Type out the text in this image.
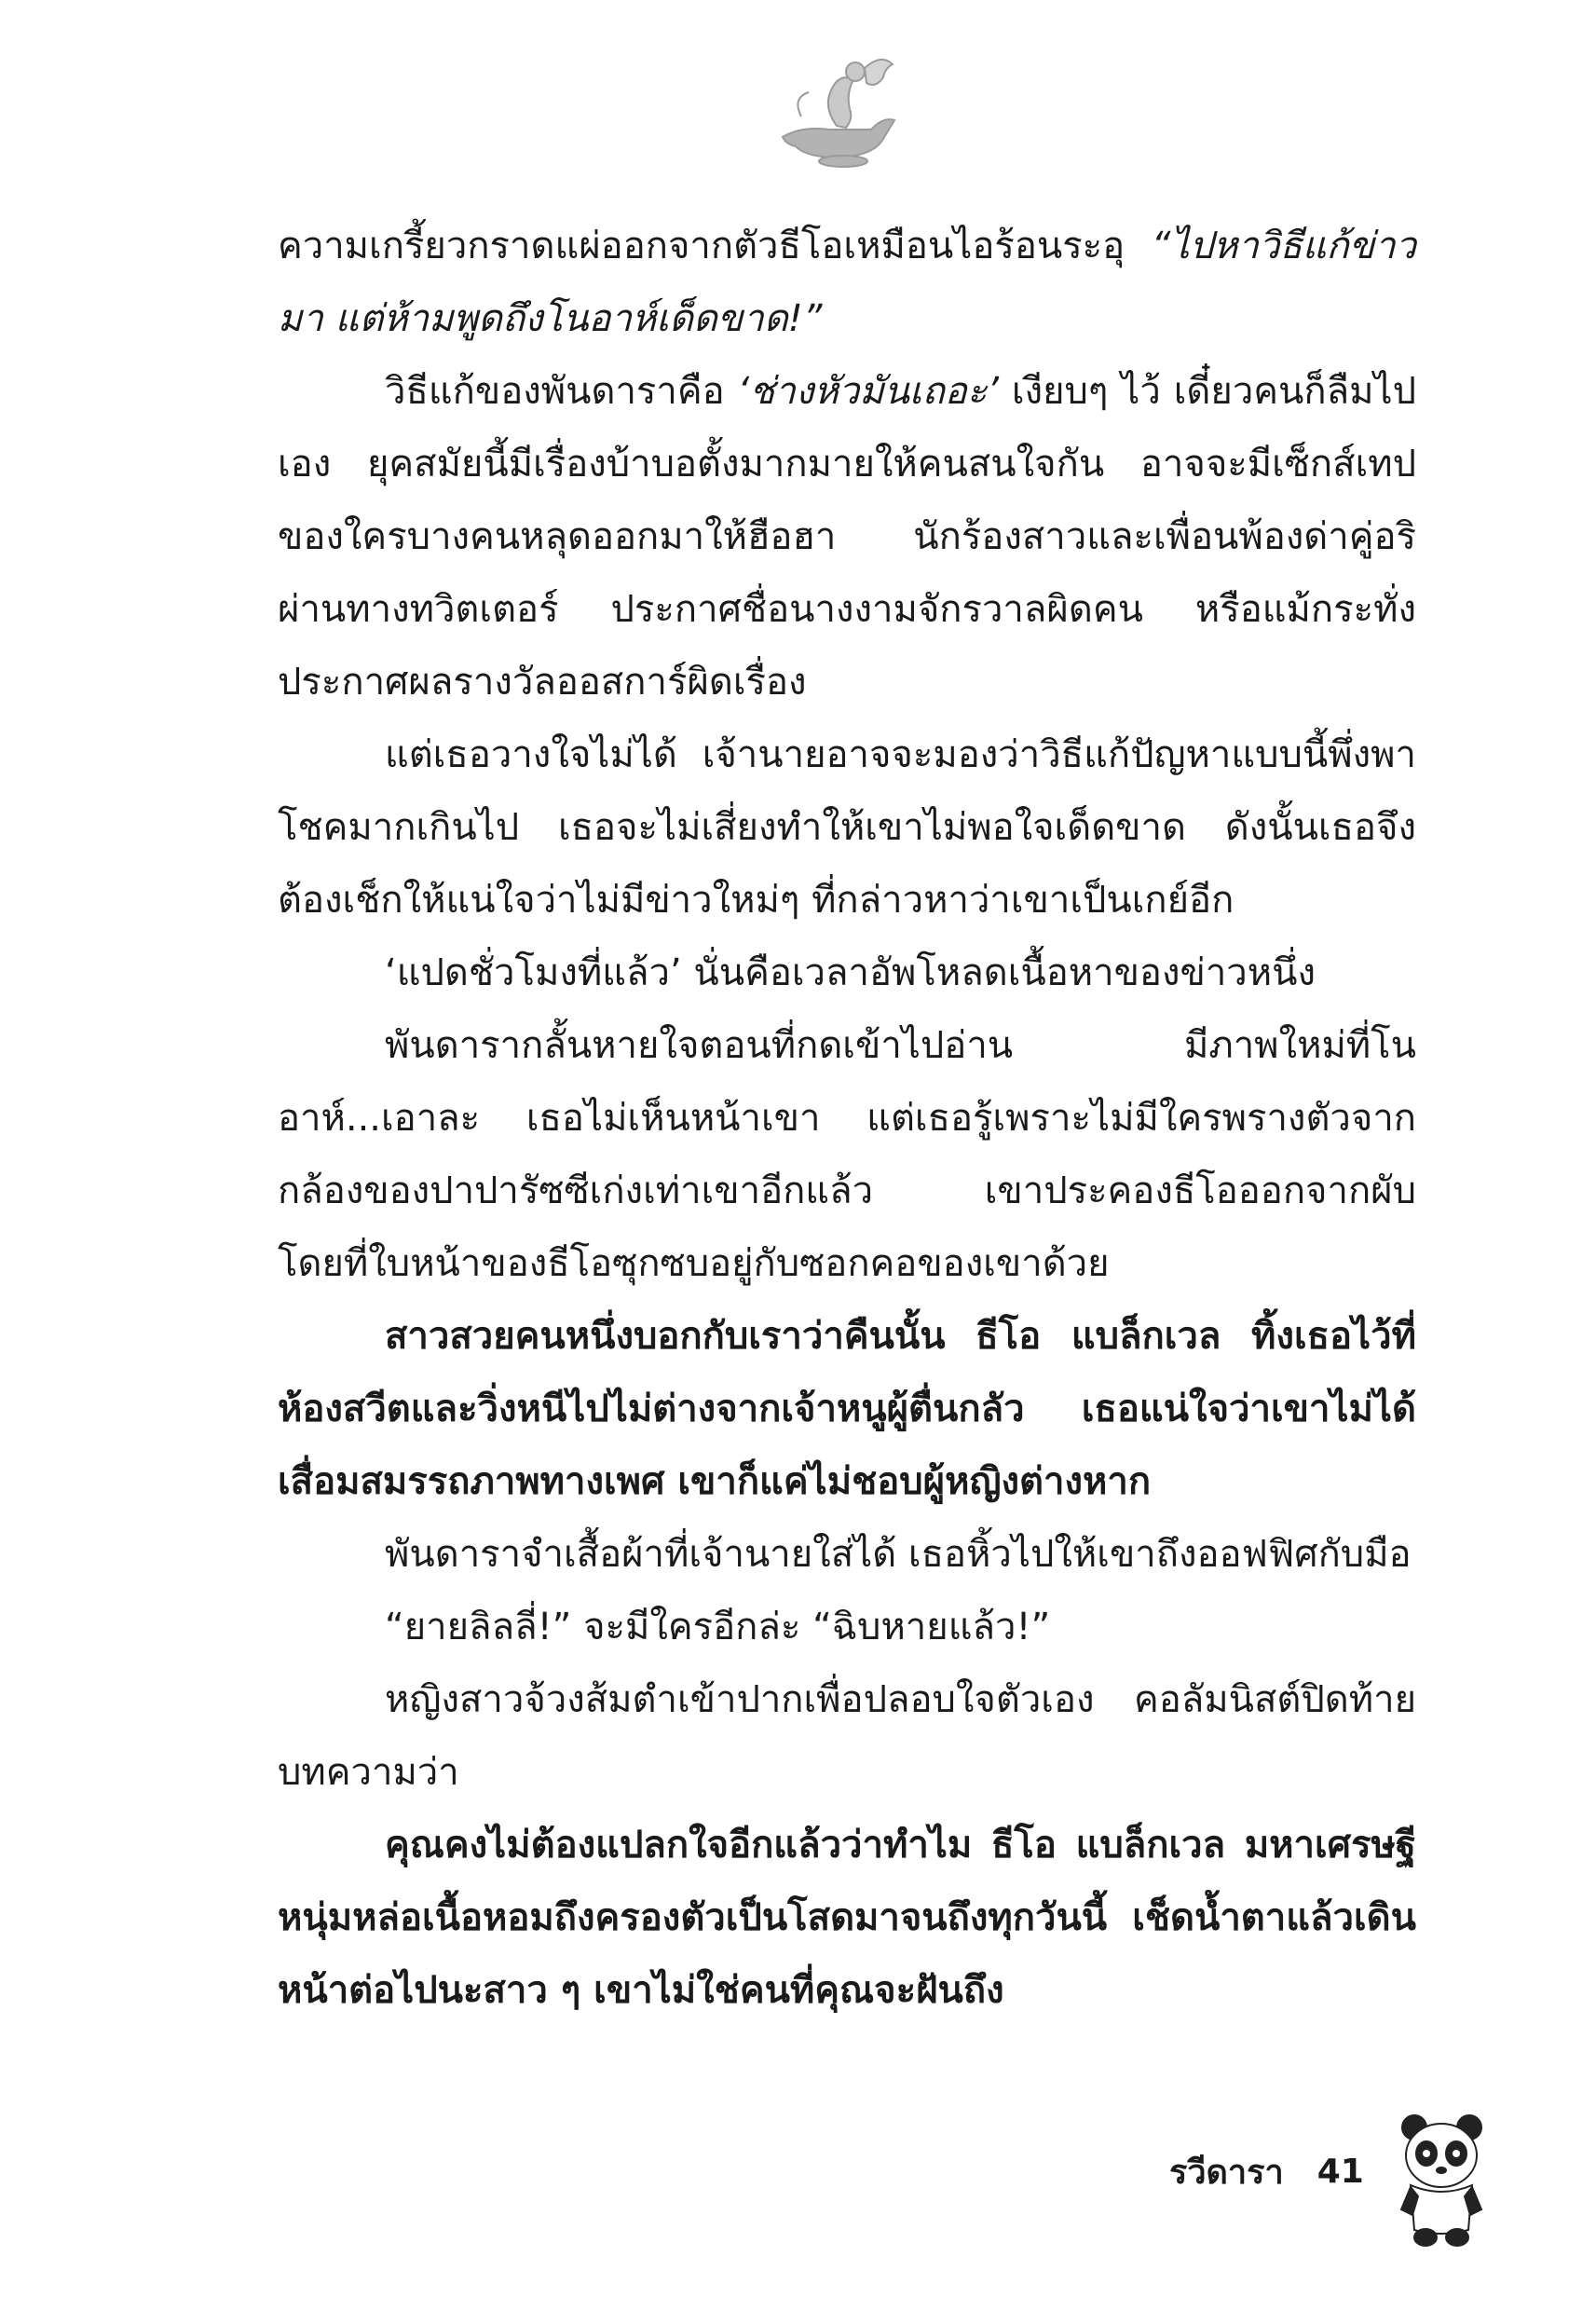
ความเกรี้ยวกราดแผ่ออกจากตัวธีโอเหมือนไอร้อนระอุ “ไปหาวิธีแก้ข่าวมา แต่ห้ามพูดถึงโนอาห์เด็ดขาด!”

วิธีแก้ของพันดาราคือ ‘ช่างหัวมันเถอะ’ เงียบๆ ไว้ เดี๋ยวคนก็ลืมไปเอง ยุคสมัยนี้มีเรื่องบ้าบอตั้งมากมายให้คนสนใจกัน อาจจะมีเซ็กส์เทปของใครบางคนหลุดออกมาให้ฮือฮา นักร้องสาวและเพื่อนพ้องด่าคู่อริผ่านทางทวิตเตอร์ ประกาศชื่อนางงามจักรวาลผิดคน หรือแม้กระทั่งประกาศผลรางวัลออสการ์ผิดเรื่อง

แต่เธอวางใจไม่ได้ เจ้านายอาจจะมองว่าวิธีแก้ปัญหาแบบนี้พึ่งพาโชคมากเกินไป เธอจะไม่เสี่ยงทำให้เขาไม่พอใจเด็ดขาด ดังนั้นเธอจึงต้องเช็กให้แน่ใจว่าไม่มีข่าวใหม่ๆ ที่กล่าวหาว่าเขาเป็นเกย์อีก

‘แปดชั่วโมงที่แล้ว’ นั่นคือเวลาอัพโหลดเนื้อหาของข่าวหนึ่ง

พันดารากลั้นหายใจตอนที่กดเข้าไปอ่าน มีภาพใหม่ที่โนอาห์...เอาละ เธอไม่เห็นหน้าเขา แต่เธอรู้เพราะไม่มีใครพรางตัวจากกล้องของปาปารัซซีเก่งเท่าเขาอีกแล้ว เขาประคองธีโอออกจากผับ โดยที่ใบหน้าของธีโอซุกซบอยู่กับซอกคอของเขาด้วย

สาวสวยคนหนึ่งบอกกับเราว่าคืนนั้น ธีโอ แบล็กเวล ทิ้งเธอไว้ที่ห้องสวีตและวิ่งหนีไปไม่ต่างจากเจ้าหนูผู้ตื่นกลัว เธอแน่ใจว่าเขาไม่ได้เสื่อมสมรรถภาพทางเพศ เขาก็แค่ไม่ชอบผู้หญิงต่างหาก

พันดาราจำเสื้อผ้าที่เจ้านายใส่ได้ เธอหิ้วไปให้เขาถึงออฟฟิศกับมือ

“ยายลิลลี่!” จะมีใครอีกล่ะ “ฉิบหายแล้ว!”

หญิงสาวจ้วงส้มตำเข้าปากเพื่อปลอบใจตัวเอง คอลัมนิสต์ปิดท้ายบทความว่า

คุณคงไม่ต้องแปลกใจอีกแล้วว่าทำไม ธีโอ แบล็กเวล มหาเศรษฐีหนุ่มหล่อเนื้อหอมถึงครองตัวเป็นโสดมาจนถึงทุกวันนี้ เช็ดน้ำตาแล้วเดินหน้าต่อไปนะสาว ๆ เขาไม่ใช่คนที่คุณจะฝันถึง

รวีดารา 41
